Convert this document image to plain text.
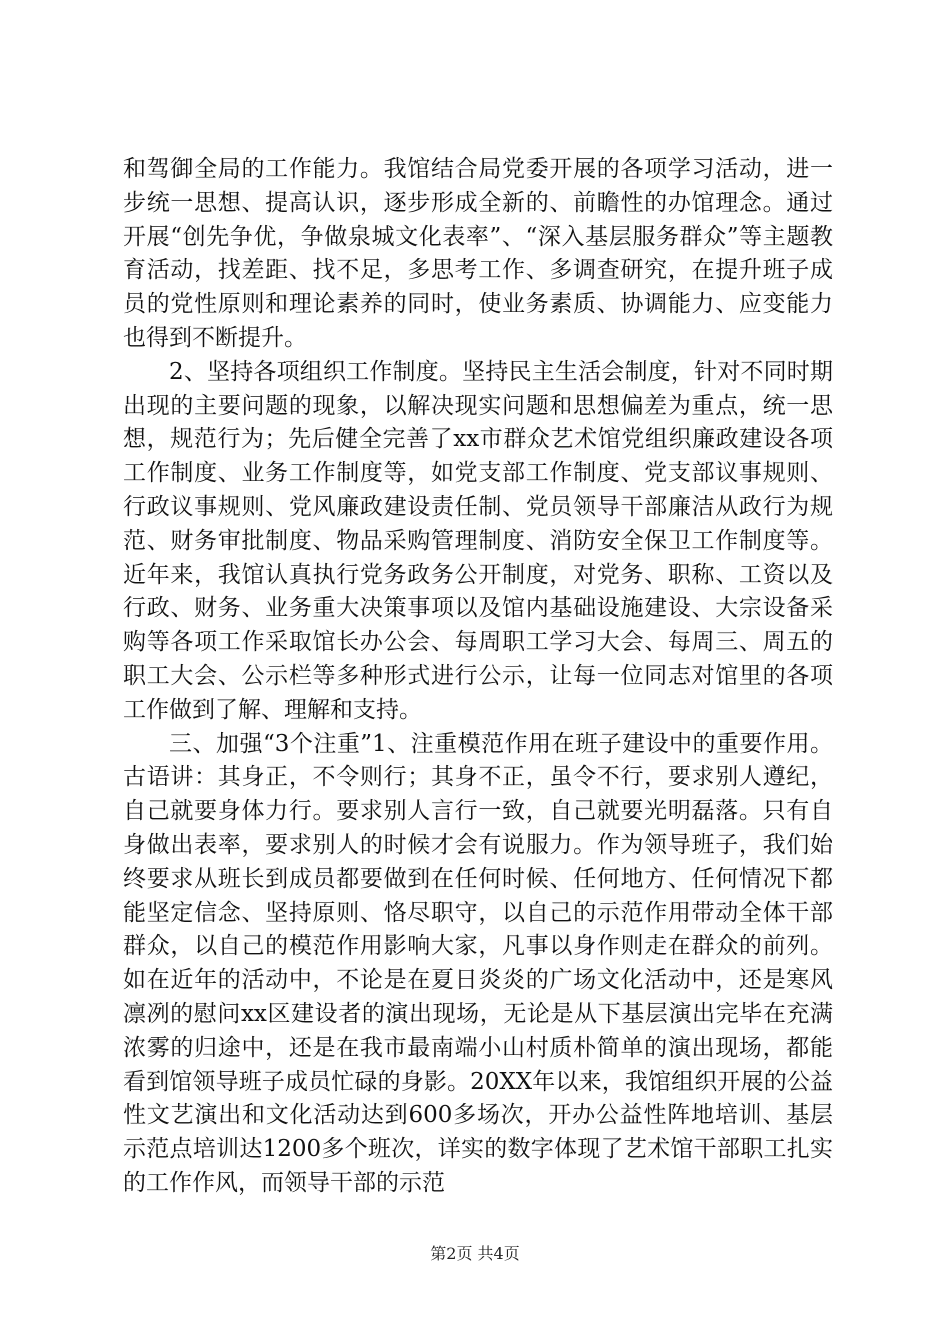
和驾御全局的工作能力。我馆结合局党委开展的各项学习活动，进一步统一思想、提高认识，逐步形成全新的、前瞻性的办馆理念。通过开展“创先争优，争做泉城文化表率”、“深入基层服务群众”等主题教育活动，找差距、找不足，多思考工作、多调查研究，在提升班子成员的党性原则和理论素养的同时，使业务素质、协调能力、应变能力也得到不断提升。

2、坚持各项组织工作制度。坚持民主生活会制度，针对不同时期出现的主要问题的现象，以解决现实问题和思想偏差为重点，统一思想，规范行为；先后健全完善了xx市群众艺术馆党组织廉政建设各项工作制度、业务工作制度等，如党支部工作制度、党支部议事规则、行政议事规则、党风廉政建设责任制、党员领导干部廉洁从政行为规范、财务审批制度、物品采购管理制度、消防安全保卫工作制度等。近年来，我馆认真执行党务政务公开制度，对党务、职称、工资以及行政、财务、业务重大决策事项以及馆内基础设施建设、大宗设备采购等各项工作采取馆长办公会、每周职工学习大会、每周三、周五的职工大会、公示栏等多种形式进行公示，让每一位同志对馆里的各项工作做到了解、理解和支持。

三、加强“3个注重”1、注重模范作用在班子建设中的重要作用。古语讲：其身正，不令则行；其身不正，虽令不行，要求别人遵纪，自己就要身体力行。要求别人言行一致，自己就要光明磊落。只有自身做出表率，要求别人的时候才会有说服力。作为领导班子，我们始终要求从班长到成员都要做到在任何时候、任何地方、任何情况下都能坚定信念、坚持原则、恪尽职守，以自己的示范作用带动全体干部群众，以自己的模范作用影响大家，凡事以身作则走在群众的前列。如在近年的活动中，不论是在夏日炎炎的广场文化活动中，还是寒风凛冽的慰问xx区建设者的演出现场，无论是从下基层演出完毕在充满浓雾的归途中，还是在我市最南端小山村质朴简单的演出现场，都能看到馆领导班子成员忙碌的身影。20XX年以来，我馆组织开展的公益性文艺演出和文化活动达到600多场次，开办公益性阵地培训、基层示范点培训达1200多个班次，详实的数字体现了艺术馆干部职工扎实的工作作风，而领导干部的示范

第2页 共4页
